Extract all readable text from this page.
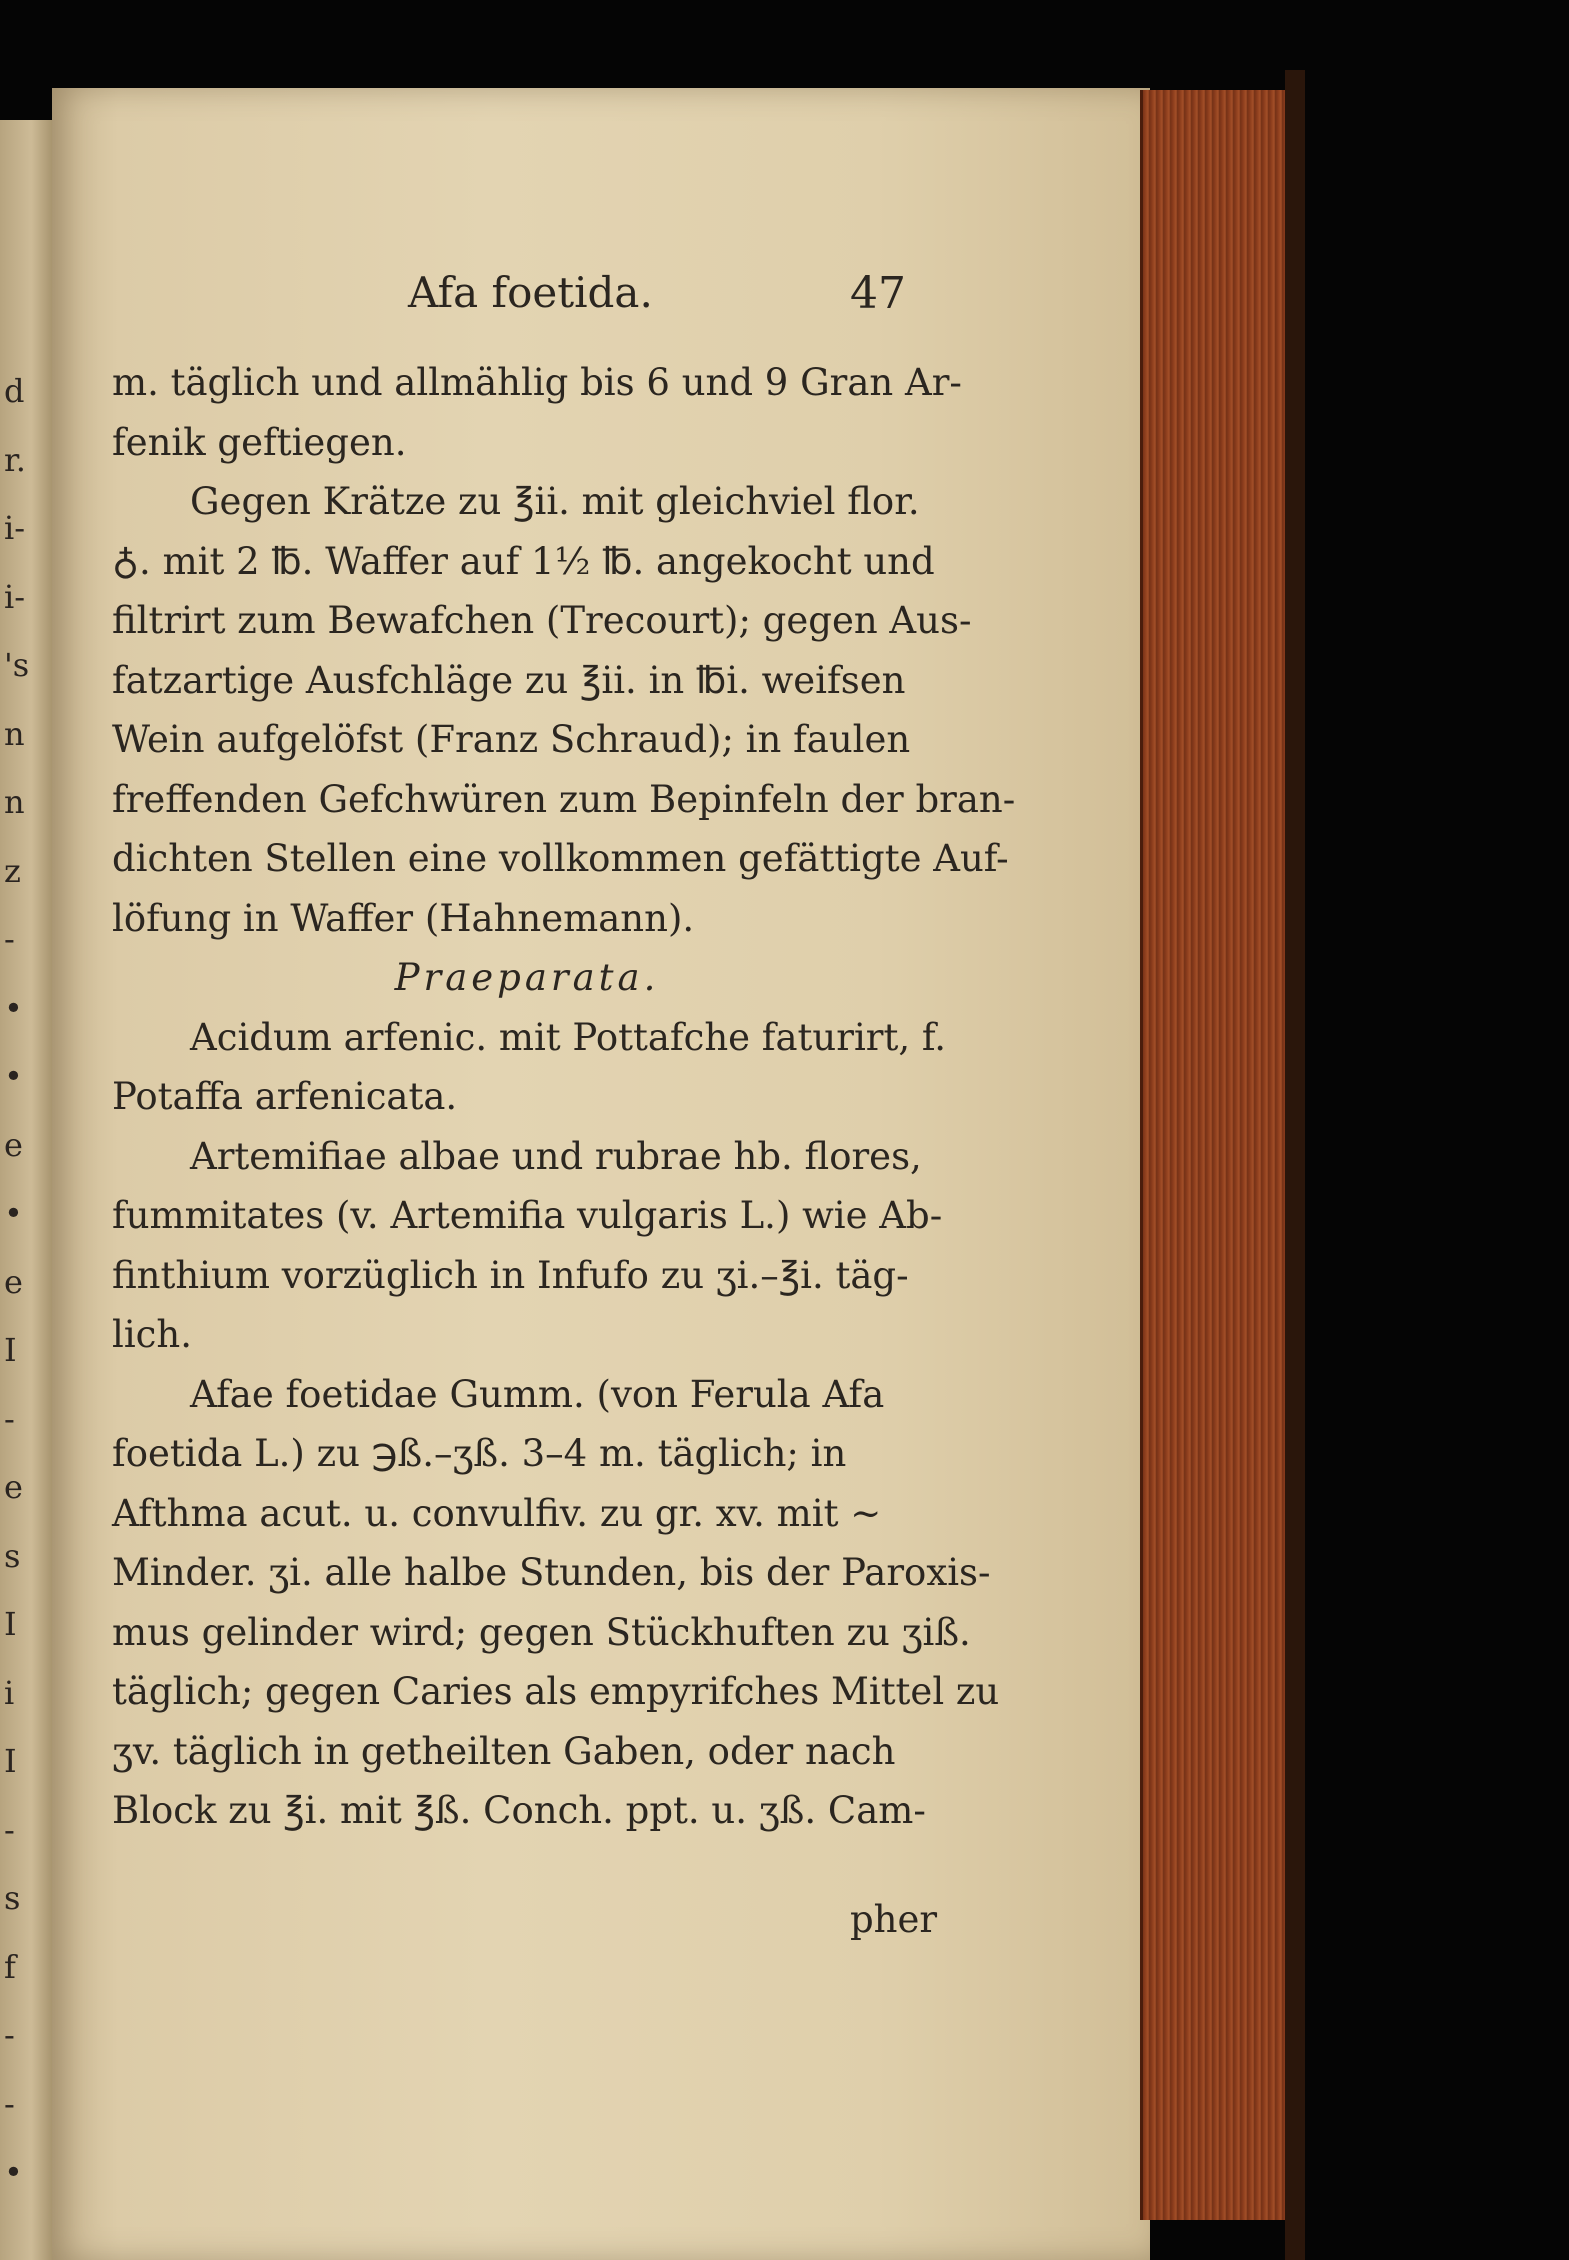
d
r.
i-
i-
's
n
n
z
-
•
•
e
•
e
I
-
e
s
I
i
I
-
s
f
-
-
•
Afa foetida.	47
m. täglich und allmählig bis 6 und 9 Gran Ar-
fenik geftiegen.
Gegen Krätze zu ℥ii. mit gleichviel flor.
♁. mit 2 ℔. Waffer auf 1½ ℔. angekocht und
filtrirt zum Bewafchen (Trecourt); gegen Aus-
fatzartige Ausfchläge zu ℥ii. in ℔i. weifsen
Wein aufgelöfst (Franz Schraud); in faulen
freffenden Gefchwüren zum Bepinfeln der bran-
dichten Stellen eine vollkommen gefättigte Auf-
löfung in Waffer (Hahnemann).
Praeparata.
Acidum arfenic. mit Pottafche faturirt, f.
Potaffa arfenicata.
Artemifiae albae und rubrae hb. flores,
fummitates (v. Artemifia vulgaris L.) wie Ab-
finthium vorzüglich in Infufo zu ʒi.–℥i. täg-
lich.
Afae foetidae Gumm. (von Ferula Afa
foetida L.) zu ℈ß.–ʒß. 3–4 m. täglich; in
Afthma acut. u. convulfiv. zu gr. xv. mit ~
Minder. ʒi. alle halbe Stunden, bis der Paroxis-
mus gelinder wird; gegen Stückhuften zu ʒiß.
täglich; gegen Caries als empyrifches Mittel zu
ʒv. täglich in getheilten Gaben, oder nach
Block zu ℥i. mit ℥ß. Conch. ppt. u. ʒß. Cam-
pher
